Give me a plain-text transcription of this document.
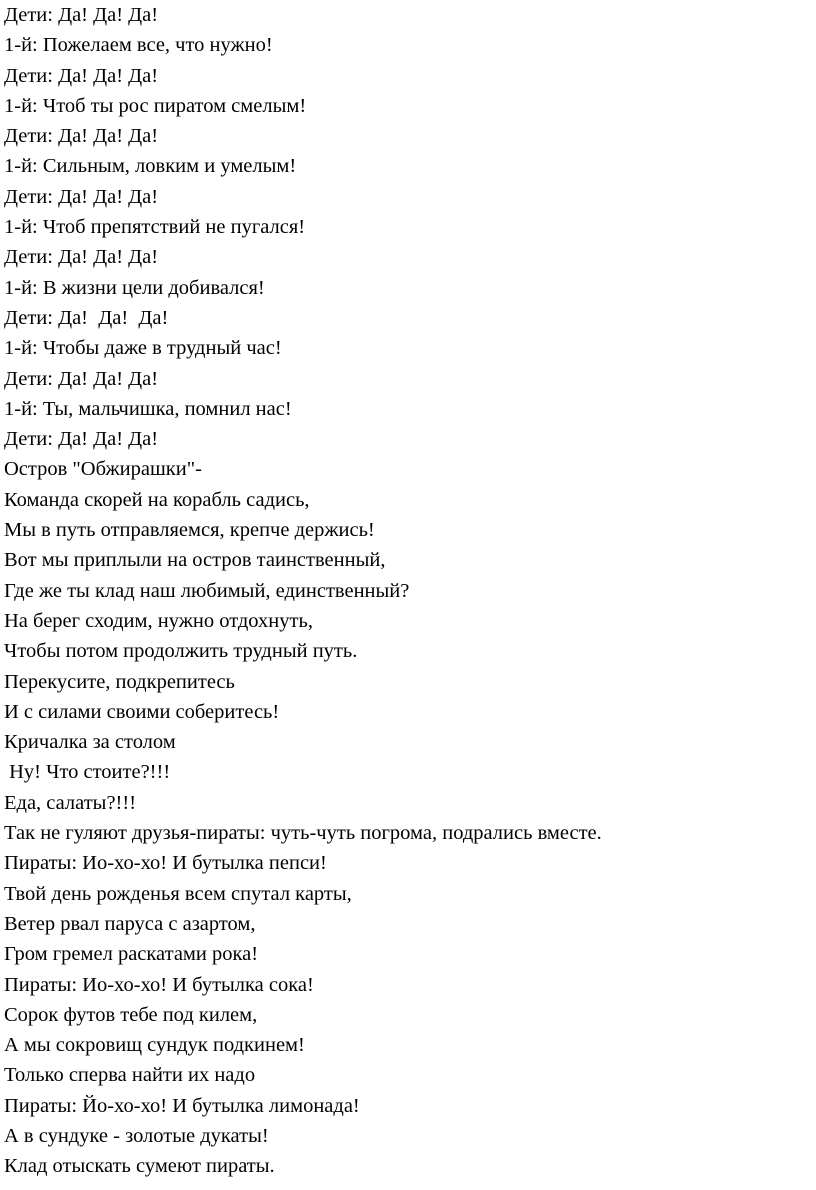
Дети: Да! Да! Да!

1-й: Пожелаем все, что нужно!

Дети: Да! Да! Да!

1-й: Чтоб ты рос пиратом смелым!

Дети: Да! Да! Да!

1-й: Сильным, ловким и умелым!

Дети: Да! Да! Да!

1-й: Чтоб препятствий не пугался!

Дети: Да! Да! Да!

1-й: В жизни цели добивался!

Дети: Да!  Да!  Да!

1-й: Чтобы даже в трудный час!

Дети: Да! Да! Да!

1-й: Ты, мальчишка, помнил нас!

Дети: Да! Да! Да!

Остров "Обжирашки"-

Команда скорей на корабль садись,

Мы в путь отправляемся, крепче держись!

Вот мы приплыли на остров таинственный,

Где же ты клад наш любимый, единственный?

На берег сходим, нужно отдохнуть,

Чтобы потом продолжить трудный путь.

Перекусите, подкрепитесь

И с силами своими соберитесь!

Кричалка за столом

Ну! Что стоите?!!!

Еда, салаты?!!!

Так не гуляют друзья-пираты: чуть-чуть погрома, подрались вместе.

Пираты: Ио-хо-хо! И бутылка пепси!

Твой день рожденья всем спутал карты,

Ветер рвал паруса с азартом,

Гром гремел раскатами рока!

Пираты: Ио-хо-хо! И бутылка сока!

Сорок футов тебе под килем,

А мы сокровищ сундук подкинем!

Только сперва найти их надо

Пираты: Йо-хо-хо! И бутылка лимонада!

А в сундуке - золотые дукаты!

Клад отыскать сумеют пираты.
